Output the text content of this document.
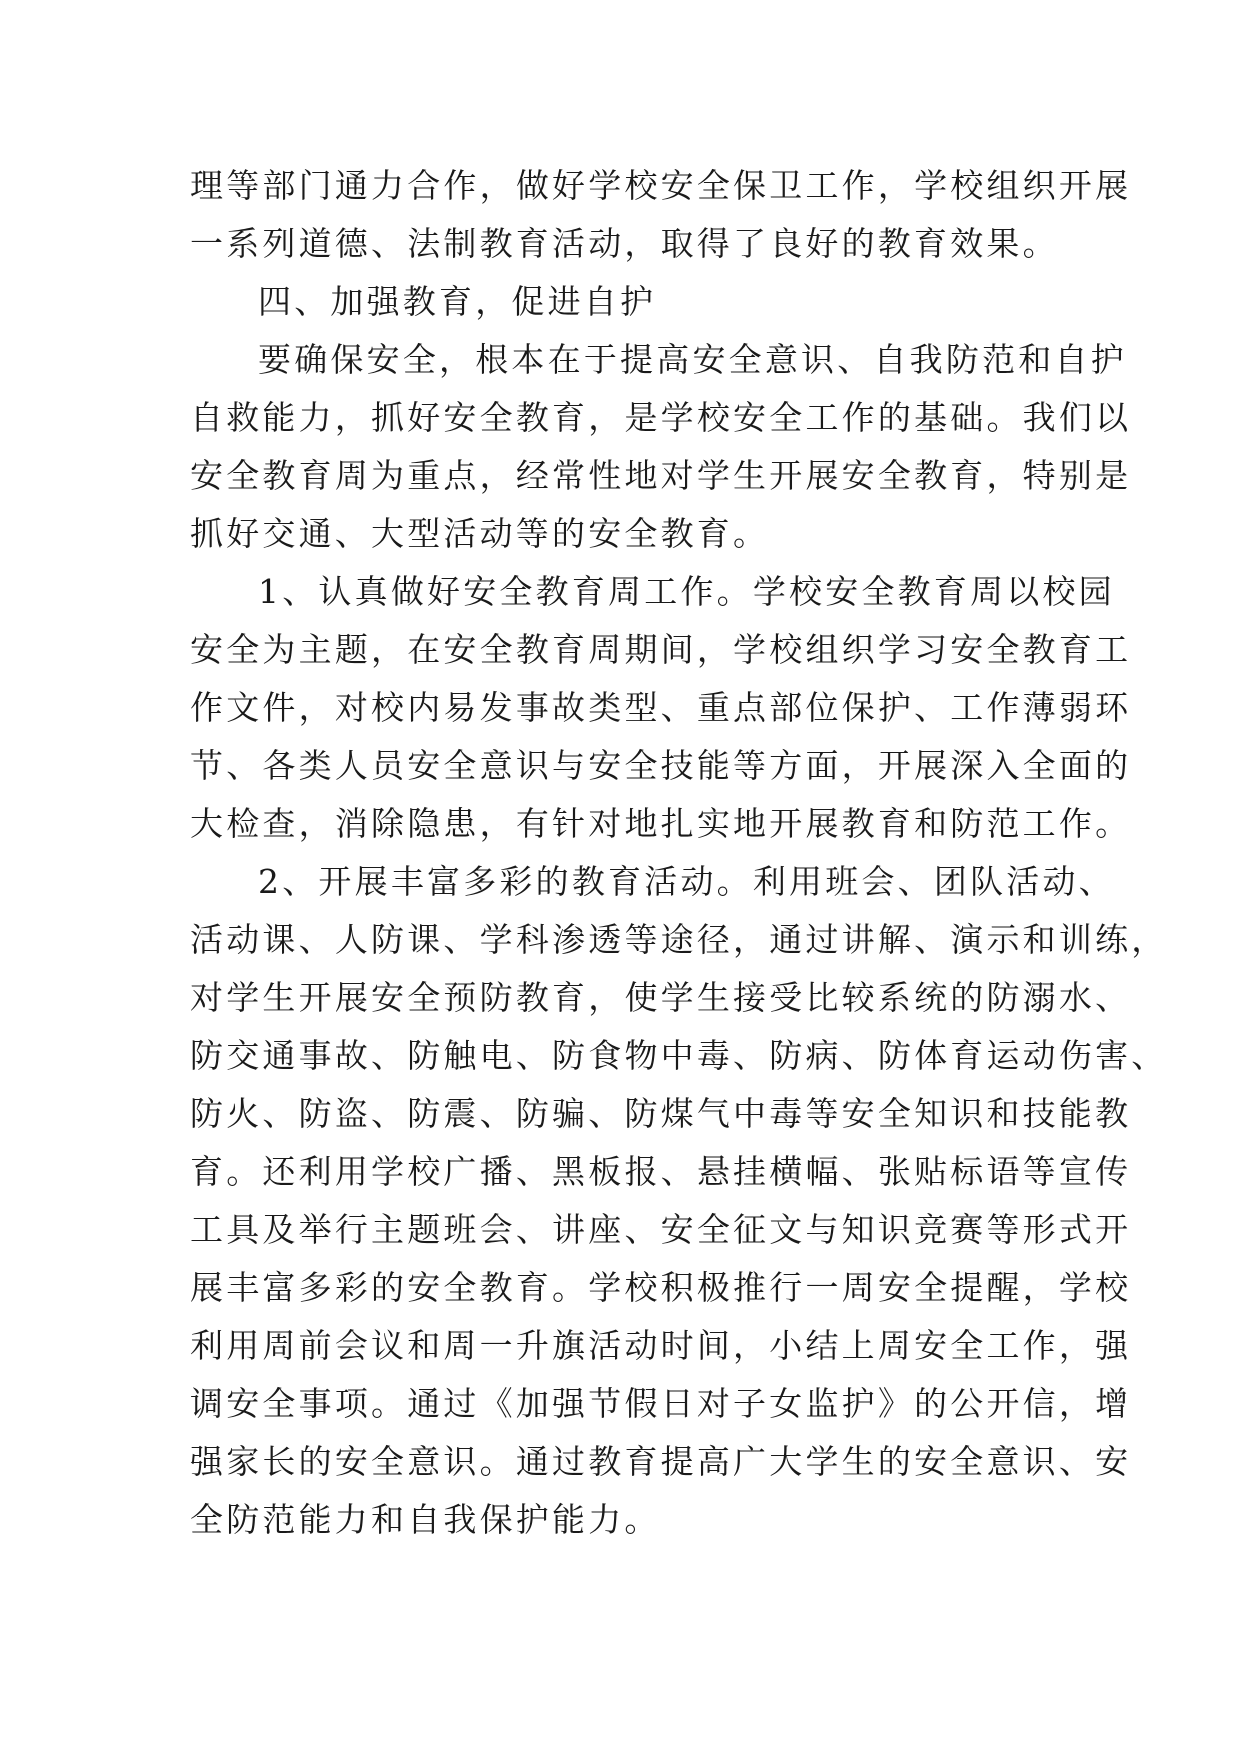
理 等 部 门 通 力 合 作 ， 做 好 学 校 安 全 保 卫 工 作 ， 学 校 组 织 开 展
一系列道德、法制教育活动，取得了良好的教育效果。
四、加强教育，促进自护
要 确 保 安 全 ， 根 本 在 于 提 高 安 全 意 识 、 自 我 防 范 和 自 护
自 救 能 力 ， 抓 好 安 全 教 育 ， 是 学 校 安 全 工 作 的 基 础 。 我 们 以
安 全 教 育 周 为 重 点 ， 经 常 性 地 对 学 生 开 展 安 全 教 育 ， 特 别 是
抓好交通、大型活动等的安全教育。
1 、 认 真 做 好 安 全 教 育 周 工 作 。 学 校 安 全 教 育 周 以 校 园
安 全 为 主 题 ， 在 安 全 教 育 周 期 间 ， 学 校 组 织 学 习 安 全 教 育 工
作 文 件 ， 对 校 内 易 发 事 故 类 型 、 重 点 部 位 保 护 、 工 作 薄 弱 环
节 、 各 类 人 员 安 全 意 识 与 安 全 技 能 等 方 面 ， 开 展 深 入 全 面 的
大 检 查 ， 消 除 隐 患 ， 有 针 对 地 扎 实 地 开 展 教 育 和 防 范 工 作 。
2 、 开 展 丰 富 多 彩 的 教 育 活 动 。 利 用 班 会 、 团 队 活 动 、
活 动 课 、 人 防 课 、 学 科 渗 透 等 途 径 ， 通 过 讲 解 、 演 示 和 训 练 ，
对 学 生 开 展 安 全 预 防 教 育 ， 使 学 生 接 受 比 较 系 统 的 防 溺 水 、
防 交 通 事 故 、 防 触 电 、 防 食 物 中 毒 、 防 病 、 防 体 育 运 动 伤 害 、
防 火 、 防 盗 、 防 震 、 防 骗 、 防 煤 气 中 毒 等 安 全 知 识 和 技 能 教
育 。 还 利 用 学 校 广 播 、 黑 板 报 、 悬 挂 横 幅 、 张 贴 标 语 等 宣 传
工 具 及 举 行 主 题 班 会 、 讲 座 、 安 全 征 文 与 知 识 竞 赛 等 形 式 开
展 丰 富 多 彩 的 安 全 教 育 。 学 校 积 极 推 行 一 周 安 全 提 醒 ， 学 校
利 用 周 前 会 议 和 周 一 升 旗 活 动 时 间 ， 小 结 上 周 安 全 工 作 ， 强
调 安 全 事 项 。 通 过 《 加 强 节 假 日 对 子 女 监 护 》 的 公 开 信 ， 增
强 家 长 的 安 全 意 识 。 通 过 教 育 提 高 广 大 学 生 的 安 全 意 识 、 安
全防范能力和自我保护能力。
